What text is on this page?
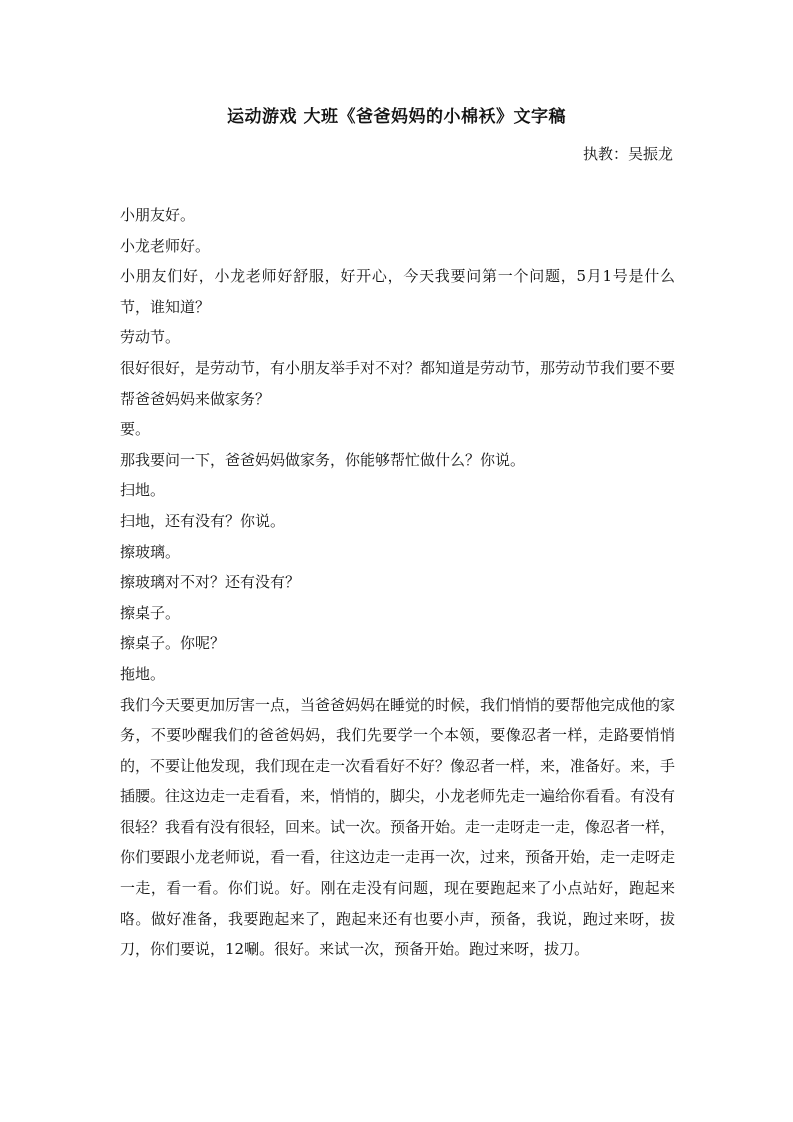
运动游戏 大班《爸爸妈妈的小棉袄》文字稿
执教：吴振龙

小朋友好。

小龙老师好。

小朋友们好，小龙老师好舒服，好开心，今天我要问第一个问题，5月1号是什么节，谁知道？

劳动节。

很好很好，是劳动节，有小朋友举手对不对？都知道是劳动节，那劳动节我们要不要帮爸爸妈妈来做家务？

要。

那我要问一下，爸爸妈妈做家务，你能够帮忙做什么？你说。

扫地。

扫地，还有没有？你说。

擦玻璃。

擦玻璃对不对？还有没有？

擦桌子。

擦桌子。你呢？

拖地。

我们今天要更加厉害一点，当爸爸妈妈在睡觉的时候，我们悄悄的要帮他完成他的家务，不要吵醒我们的爸爸妈妈，我们先要学一个本领，要像忍者一样，走路要悄悄的，不要让他发现，我们现在走一次看看好不好？像忍者一样，来，准备好。来，手插腰。往这边走一走看看，来，悄悄的，脚尖，小龙老师先走一遍给你看看。有没有很轻？我看有没有很轻，回来。试一次。预备开始。走一走呀走一走，像忍者一样，你们要跟小龙老师说，看一看，往这边走一走再一次，过来，预备开始，走一走呀走一走，看一看。你们说。好。刚在走没有问题，现在要跑起来了小点站好，跑起来咯。做好准备，我要跑起来了，跑起来还有也要小声，预备，我说，跑过来呀，拔刀，你们要说，12唰。很好。来试一次，预备开始。跑过来呀，拔刀。
